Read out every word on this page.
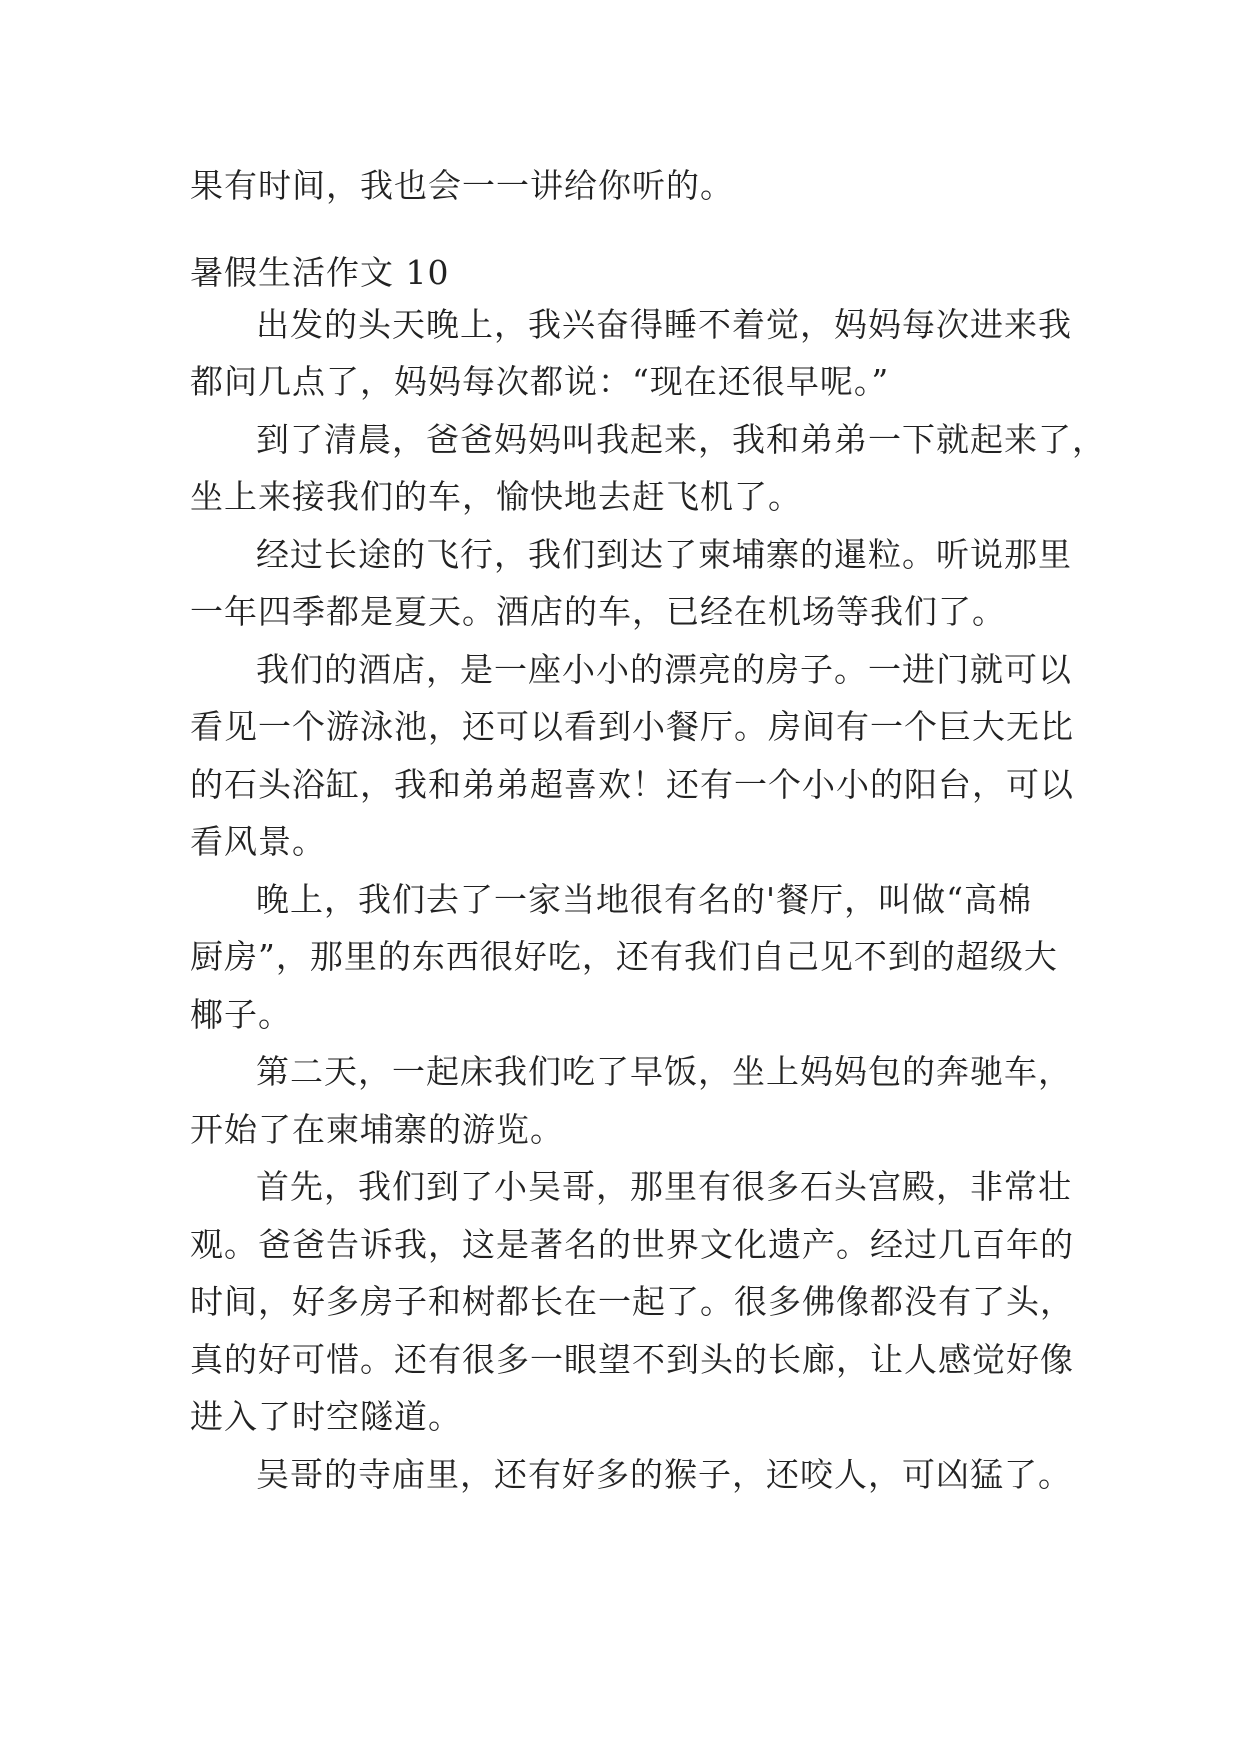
果有时间，我也会一一讲给你听的。
暑假生活作文 10
出发的头天晚上，我兴奋得睡不着觉，妈妈每次进来我
都问几点了，妈妈每次都说：“现在还很早呢。”
到了清晨，爸爸妈妈叫我起来，我和弟弟一下就起来了，
坐上来接我们的车，愉快地去赶飞机了。
经过长途的飞行，我们到达了柬埔寨的暹粒。听说那里
一年四季都是夏天。酒店的车，已经在机场等我们了。
我们的酒店，是一座小小的漂亮的房子。一进门就可以
看见一个游泳池，还可以看到小餐厅。房间有一个巨大无比
的石头浴缸，我和弟弟超喜欢！还有一个小小的阳台，可以
看风景。
晚上，我们去了一家当地很有名的'餐厅，叫做“高棉
厨房”，那里的东西很好吃，还有我们自己见不到的超级大
椰子。
第二天，一起床我们吃了早饭，坐上妈妈包的奔驰车，
开始了在柬埔寨的游览。
首先，我们到了小吴哥，那里有很多石头宫殿，非常壮
观。爸爸告诉我，这是著名的世界文化遗产。经过几百年的
时间，好多房子和树都长在一起了。很多佛像都没有了头，
真的好可惜。还有很多一眼望不到头的长廊，让人感觉好像
进入了时空隧道。
吴哥的寺庙里，还有好多的猴子，还咬人，可凶猛了。
